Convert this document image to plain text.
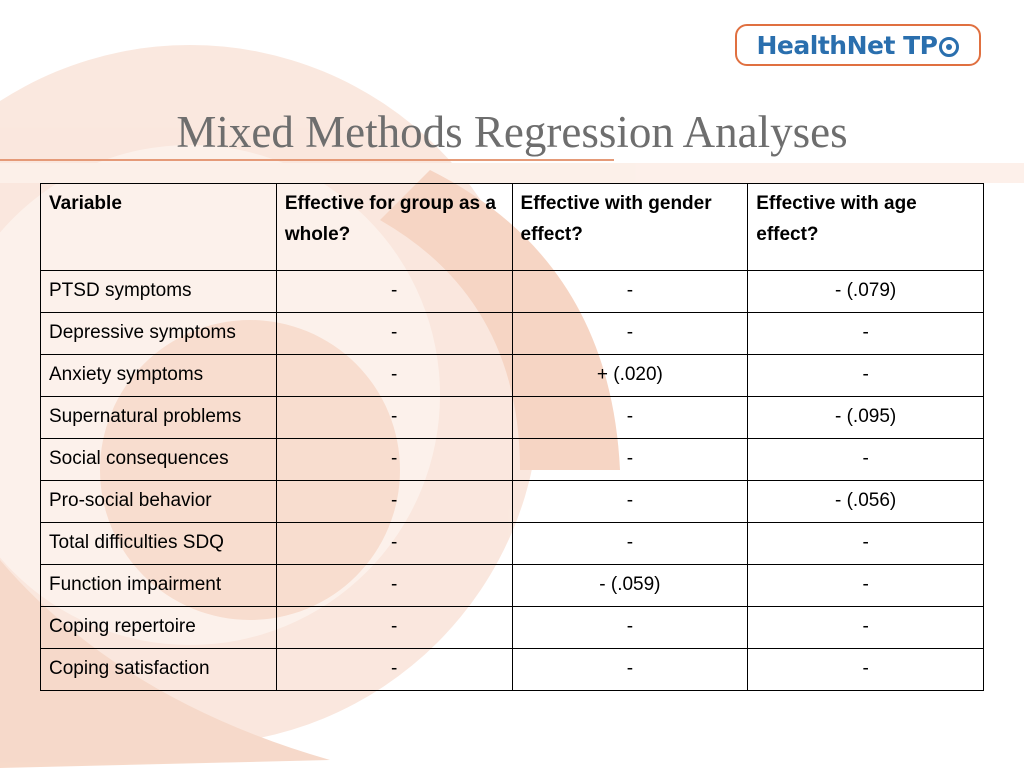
HealthNet TP
Mixed Methods Regression Analyses
Variable	Effective for group as a whole?	Effective with gender effect?	Effective with age effect?
PTSD symptoms	-	-	- (.079)
Depressive symptoms	-	-	-
Anxiety symptoms	-	+ (.020)	-
Supernatural problems	-	-	- (.095)
Social consequences	-	-	-
Pro-social behavior	-	-	- (.056)
Total difficulties SDQ	-	-	-
Function impairment	-	- (.059)	-
Coping repertoire	-	-	-
Coping satisfaction	-	-	-
